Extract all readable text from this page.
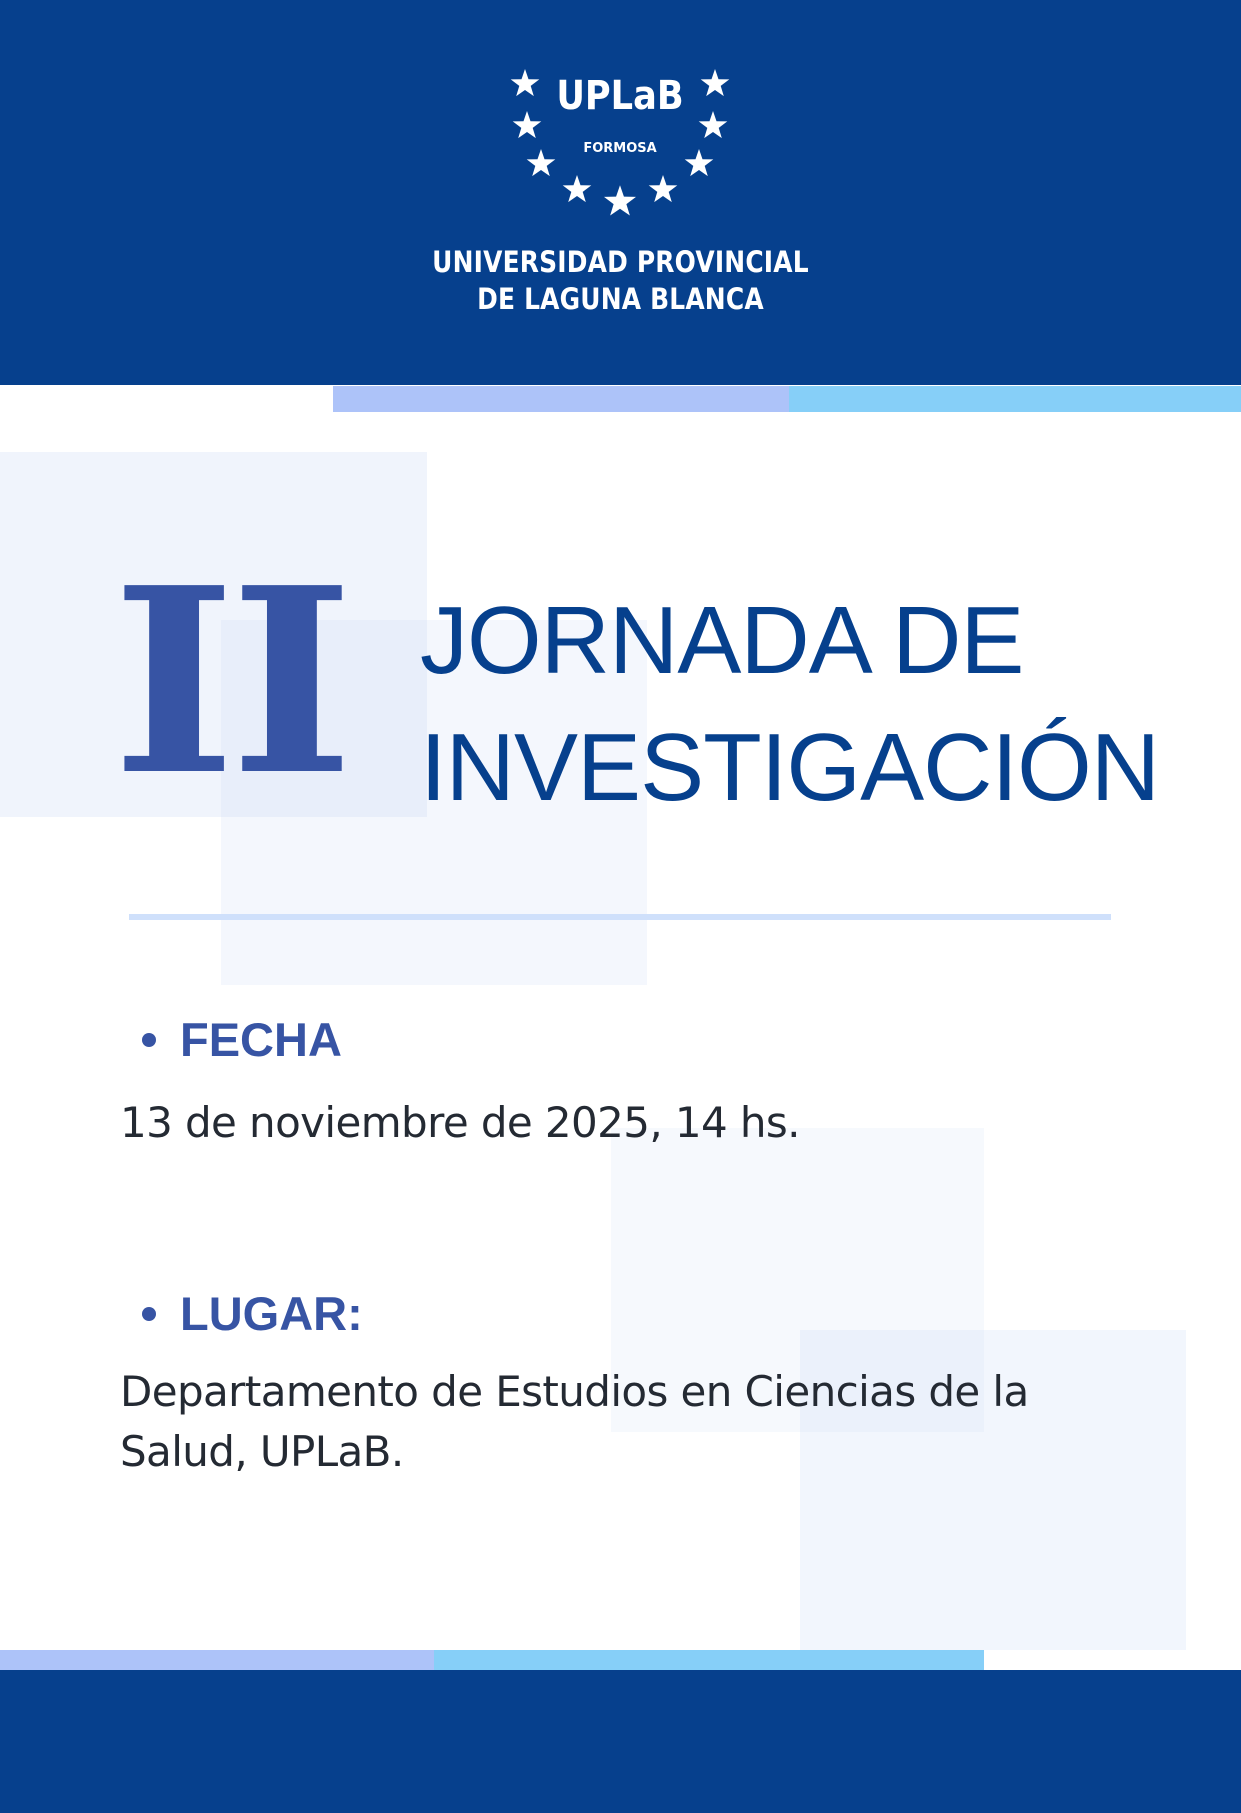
UPLaB
FORMOSA
UNIVERSIDAD PROVINCIAL
DE LAGUNA BLANCA
II JORNADA DE
INVESTIGACIÓN
FECHA
13 de noviembre de 2025, 14 hs.
LUGAR:
Departamento de Estudios en Ciencias de la Salud, UPLaB.
